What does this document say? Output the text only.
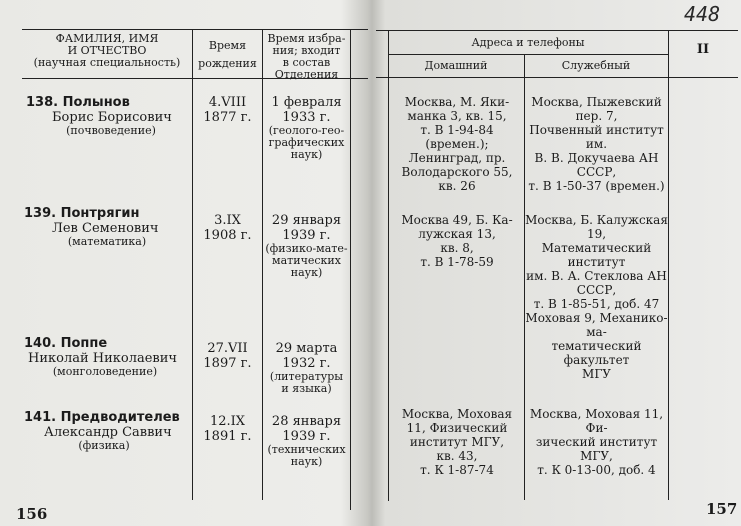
ФАМИЛИЯ, ИМЯ
И ОТЧЕСТВО
(научная специальность)
Время
рождения
Время избра-
ния; входит
в состав
Отделения
138. Полынов
Борис Борисович
(почвоведение)
4.VIII
1877 г.
1 февраля
1933 г.
(геолого-гео-
графических
наук)
139. Понтрягин
Лев Семенович
(математика)
3.IX
1908 г.
29 января
1939 г.
(физико-мате-
матических
наук)
140. Поппе
Николай Николаевич
(монголоведение)
27.VII
1897 г.
29 марта
1932 г.
(литературы
и языка)
141. Предводителев
Александр Саввич
(физика)
12.IX
1891 г.
28 января
1939 г.
(технических
наук)
156
448
Адреса и телефоны
Домашний	Служебный
II
Москва, М. Яки-
манка 3, кв. 15,
т. В 1-94-84
(времен.);
Ленинград, пр.
Володарского 55,
кв. 26
Москва, Пыжевский пер. 7,
Почвенный институт им.
В. В. Докучаева АН СССР,
т. В 1-50-37 (времен.)
Москва 49, Б. Ка-
лужская 13,
кв. 8,
т. В 1-78-59
Москва, Б. Калужская 19,
Математический институт
им. В. А. Стеклова АН СССР,
т. В 1-85-51, доб. 47
Моховая 9, Механико-ма-
тематический факультет
МГУ
Москва, Моховая
11, Физический
институт МГУ,
кв. 43,
т. К 1-87-74
Москва, Моховая 11, Фи-
зический институт МГУ,
т. К 0-13-00, доб. 4
157
